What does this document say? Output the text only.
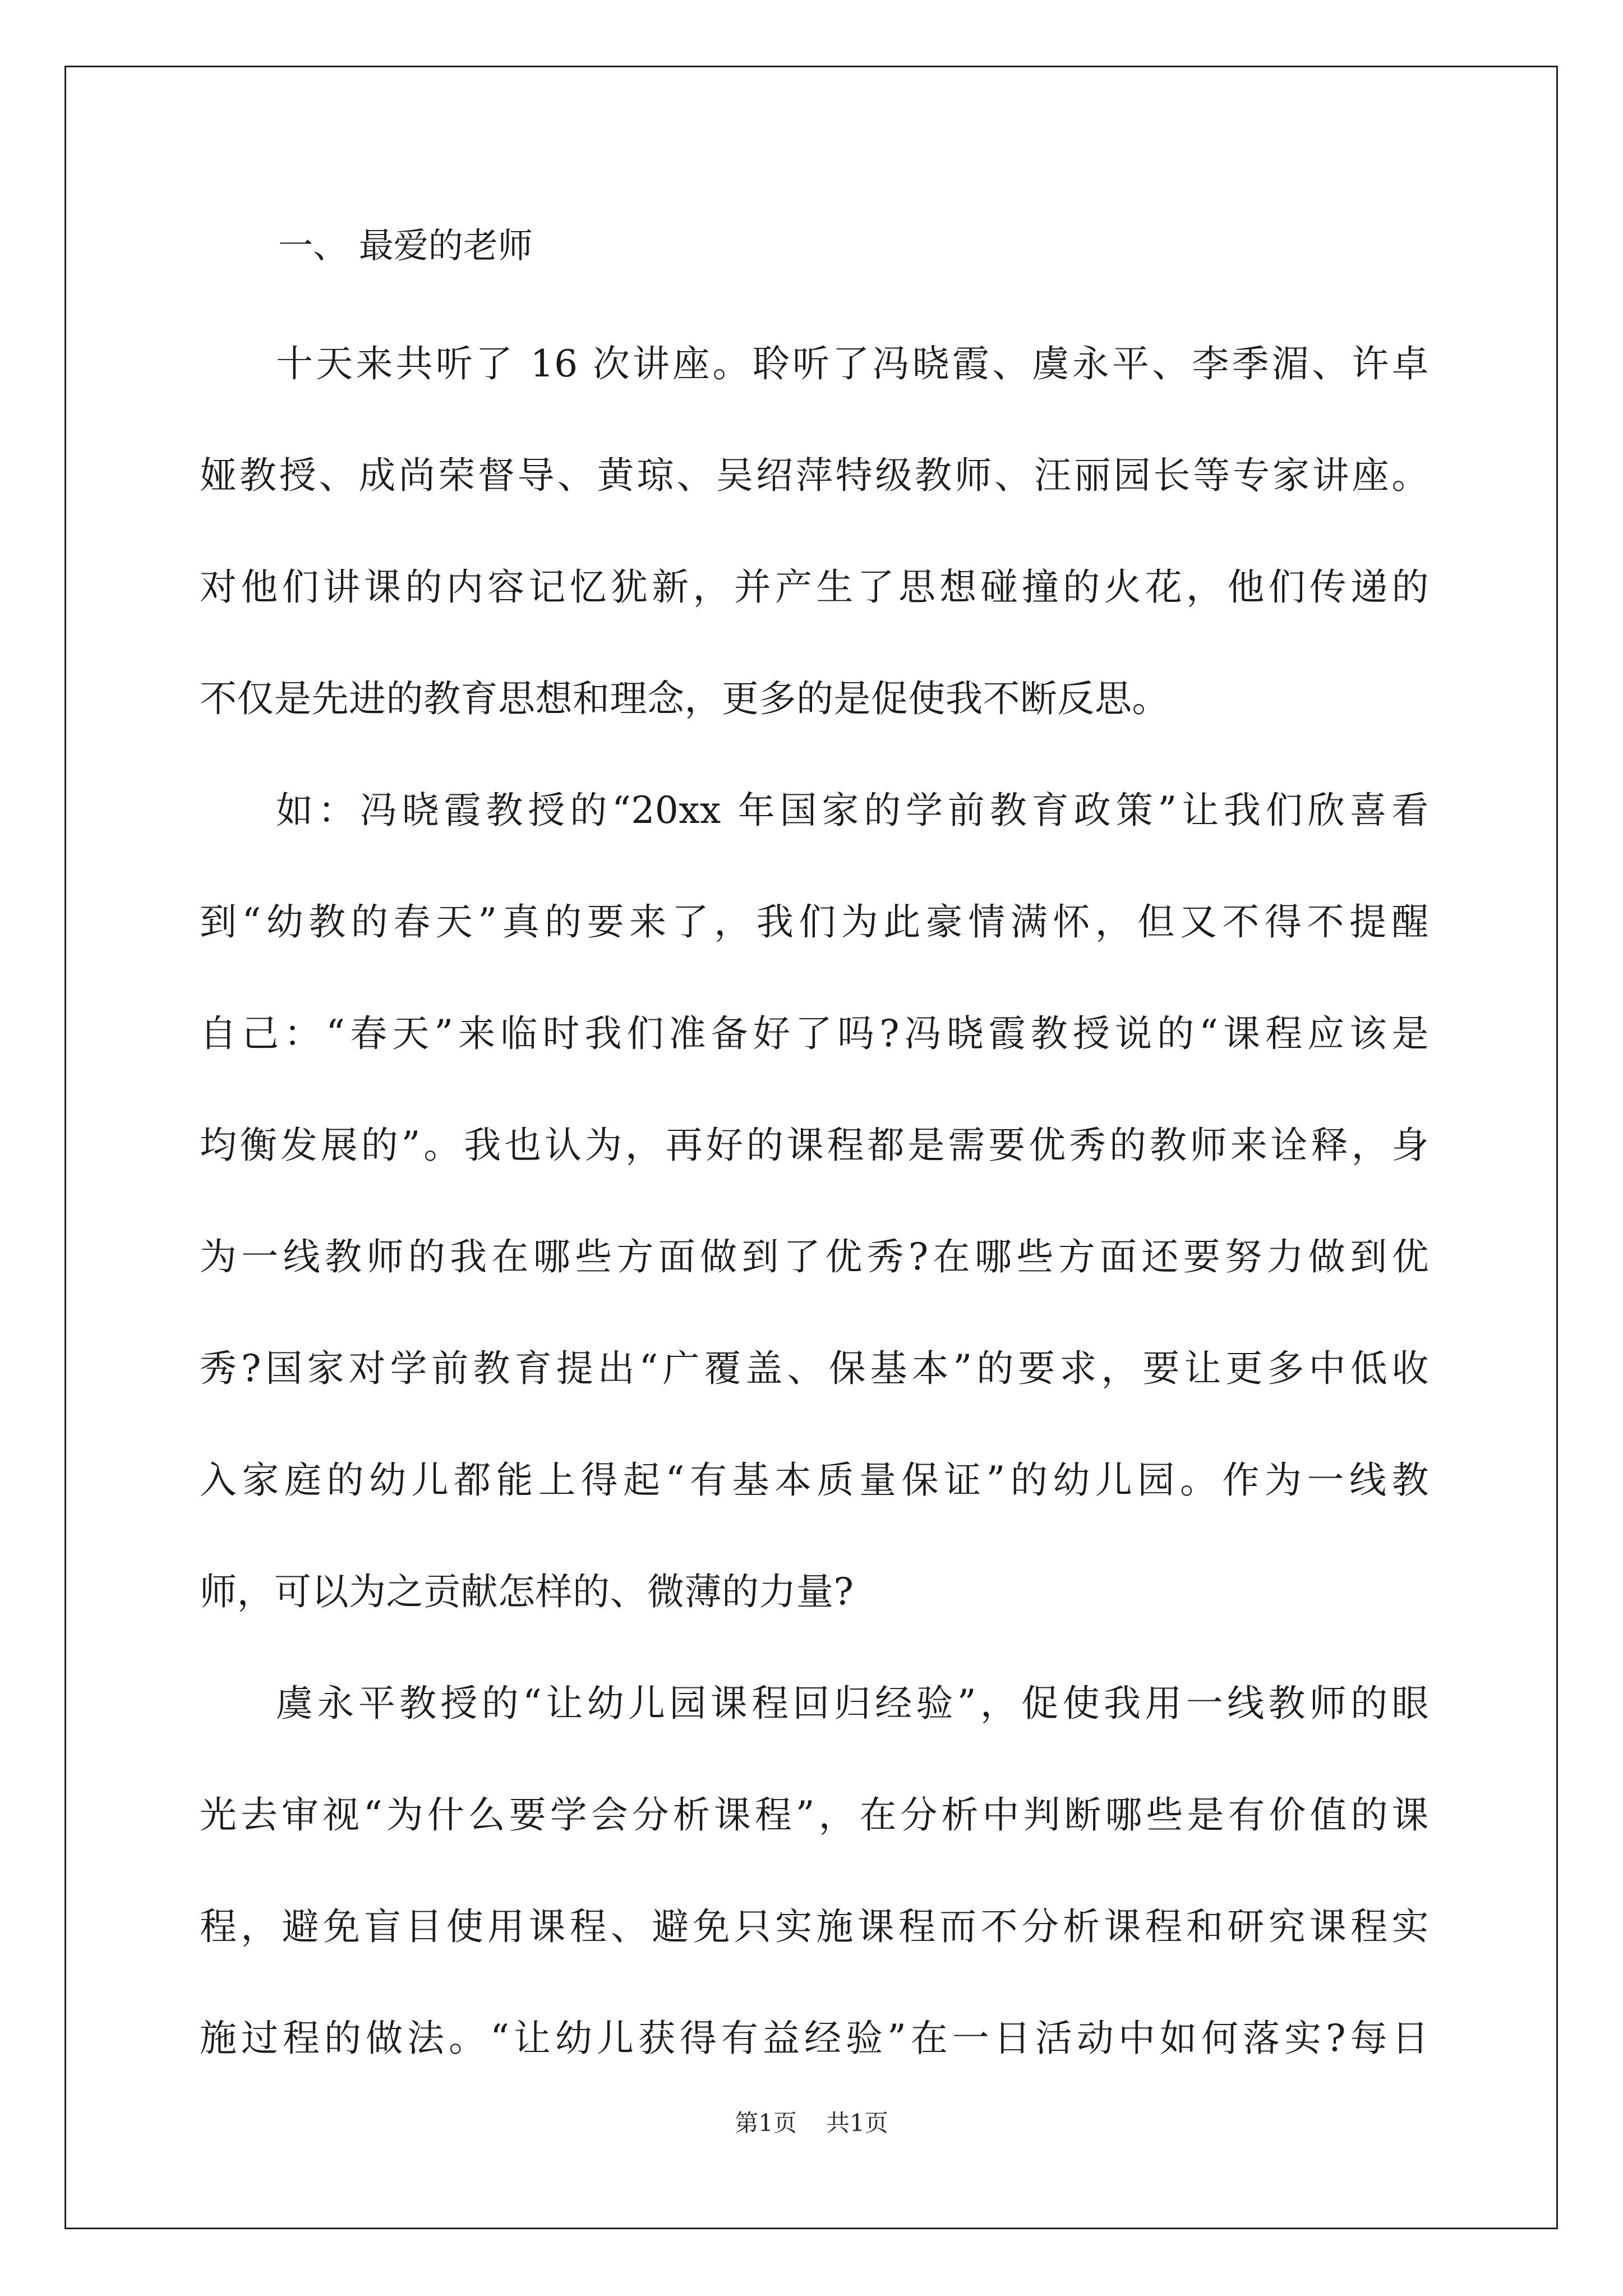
一、 最爱的老师
十天来共听了 16 次讲座。聆听了冯晓霞、虞永平、李季湄、许卓
娅教授、成尚荣督导、黄琼、吴绍萍特级教师、汪丽园长等专家讲座。
对他们讲课的内容记忆犹新，并产生了思想碰撞的火花，他们传递的
不仅是先进的教育思想和理念，更多的是促使我不断反思。
如：冯晓霞教授的“20xx 年国家的学前教育政策”让我们欣喜看
到“幼教的春天”真的要来了，我们为此豪情满怀，但又不得不提醒
自己：“春天”来临时我们准备好了吗?冯晓霞教授说的“课程应该是
均衡发展的”。我也认为，再好的课程都是需要优秀的教师来诠释，身
为一线教师的我在哪些方面做到了优秀?在哪些方面还要努力做到优
秀?国家对学前教育提出“广覆盖、保基本”的要求，要让更多中低收
入家庭的幼儿都能上得起“有基本质量保证”的幼儿园。作为一线教
师，可以为之贡献怎样的、微薄的力量?
虞永平教授的“让幼儿园课程回归经验”，促使我用一线教师的眼
光去审视“为什么要学会分析课程”，在分析中判断哪些是有价值的课
程，避免盲目使用课程、避免只实施课程而不分析课程和研究课程实
施过程的做法。“让幼儿获得有益经验”在一日活动中如何落实?每日
第1页 共1页
